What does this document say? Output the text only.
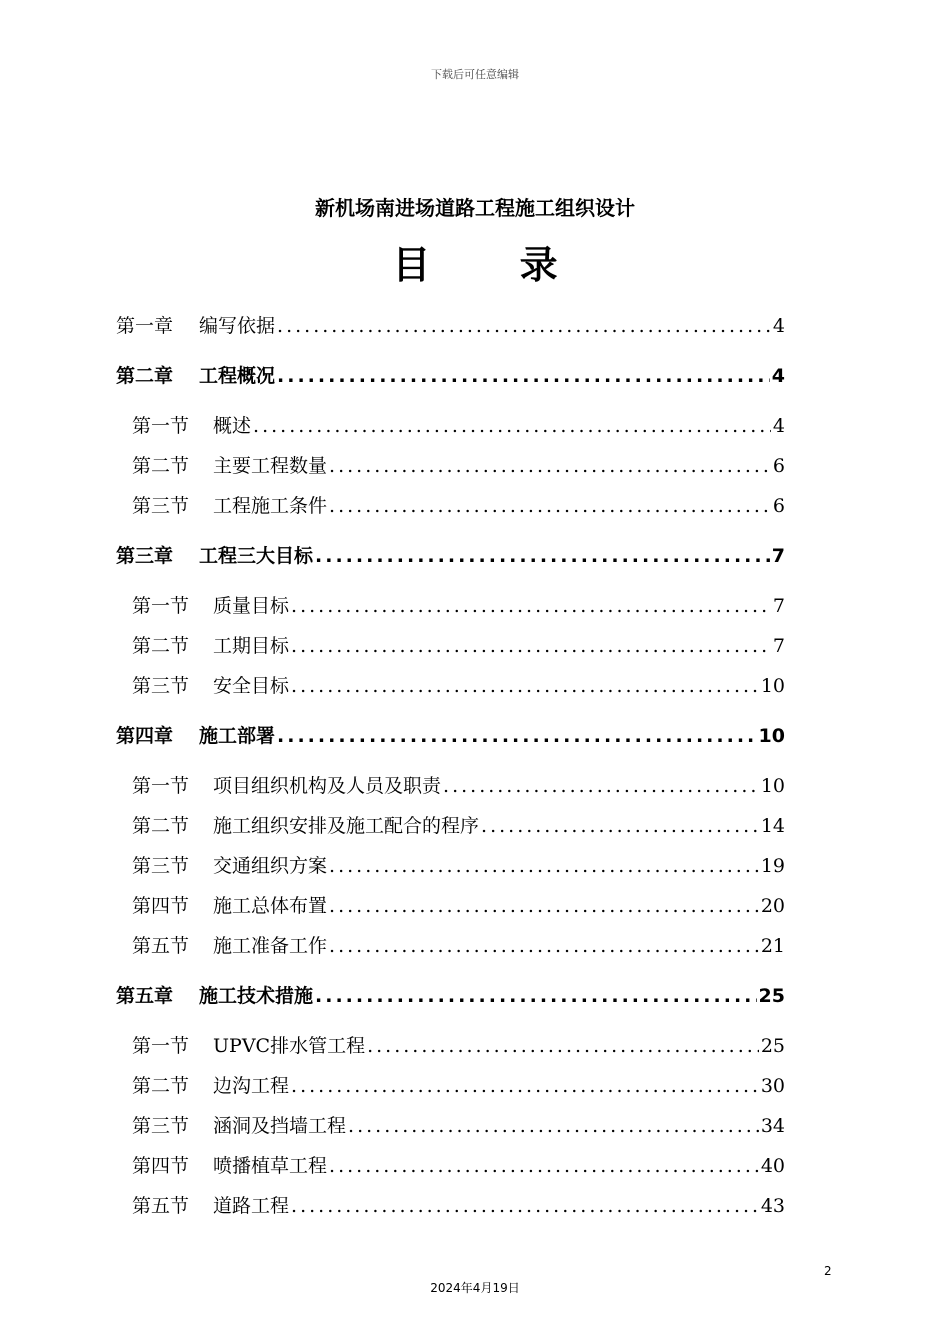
下载后可任意编辑
新机场南进场道路工程施工组织设计
目 录
第一章 编写依据 .....	4
第二章 工程概况 .....	4
第一节 概述 .....	4
第二节 主要工程数量 .....	6
第三节 工程施工条件 .....	6
第三章 工程三大目标 .....	7
第一节 质量目标 .....	7
第二节 工期目标 .....	7
第三节 安全目标 .....	10
第四章 施工部署 .....	10
第一节 项目组织机构及人员及职责 .....	10
第二节 施工组织安排及施工配合的程序 .....	14
第三节 交通组织方案 .....	19
第四节 施工总体布置 .....	20
第五节 施工准备工作 .....	21
第五章 施工技术措施 .....	25
第一节 UPVC排水管工程 .....	25
第二节 边沟工程 .....	30
第三节 涵洞及挡墙工程 .....	34
第四节 喷播植草工程 .....	40
第五节 道路工程 .....	43
2
2024年4月19日
